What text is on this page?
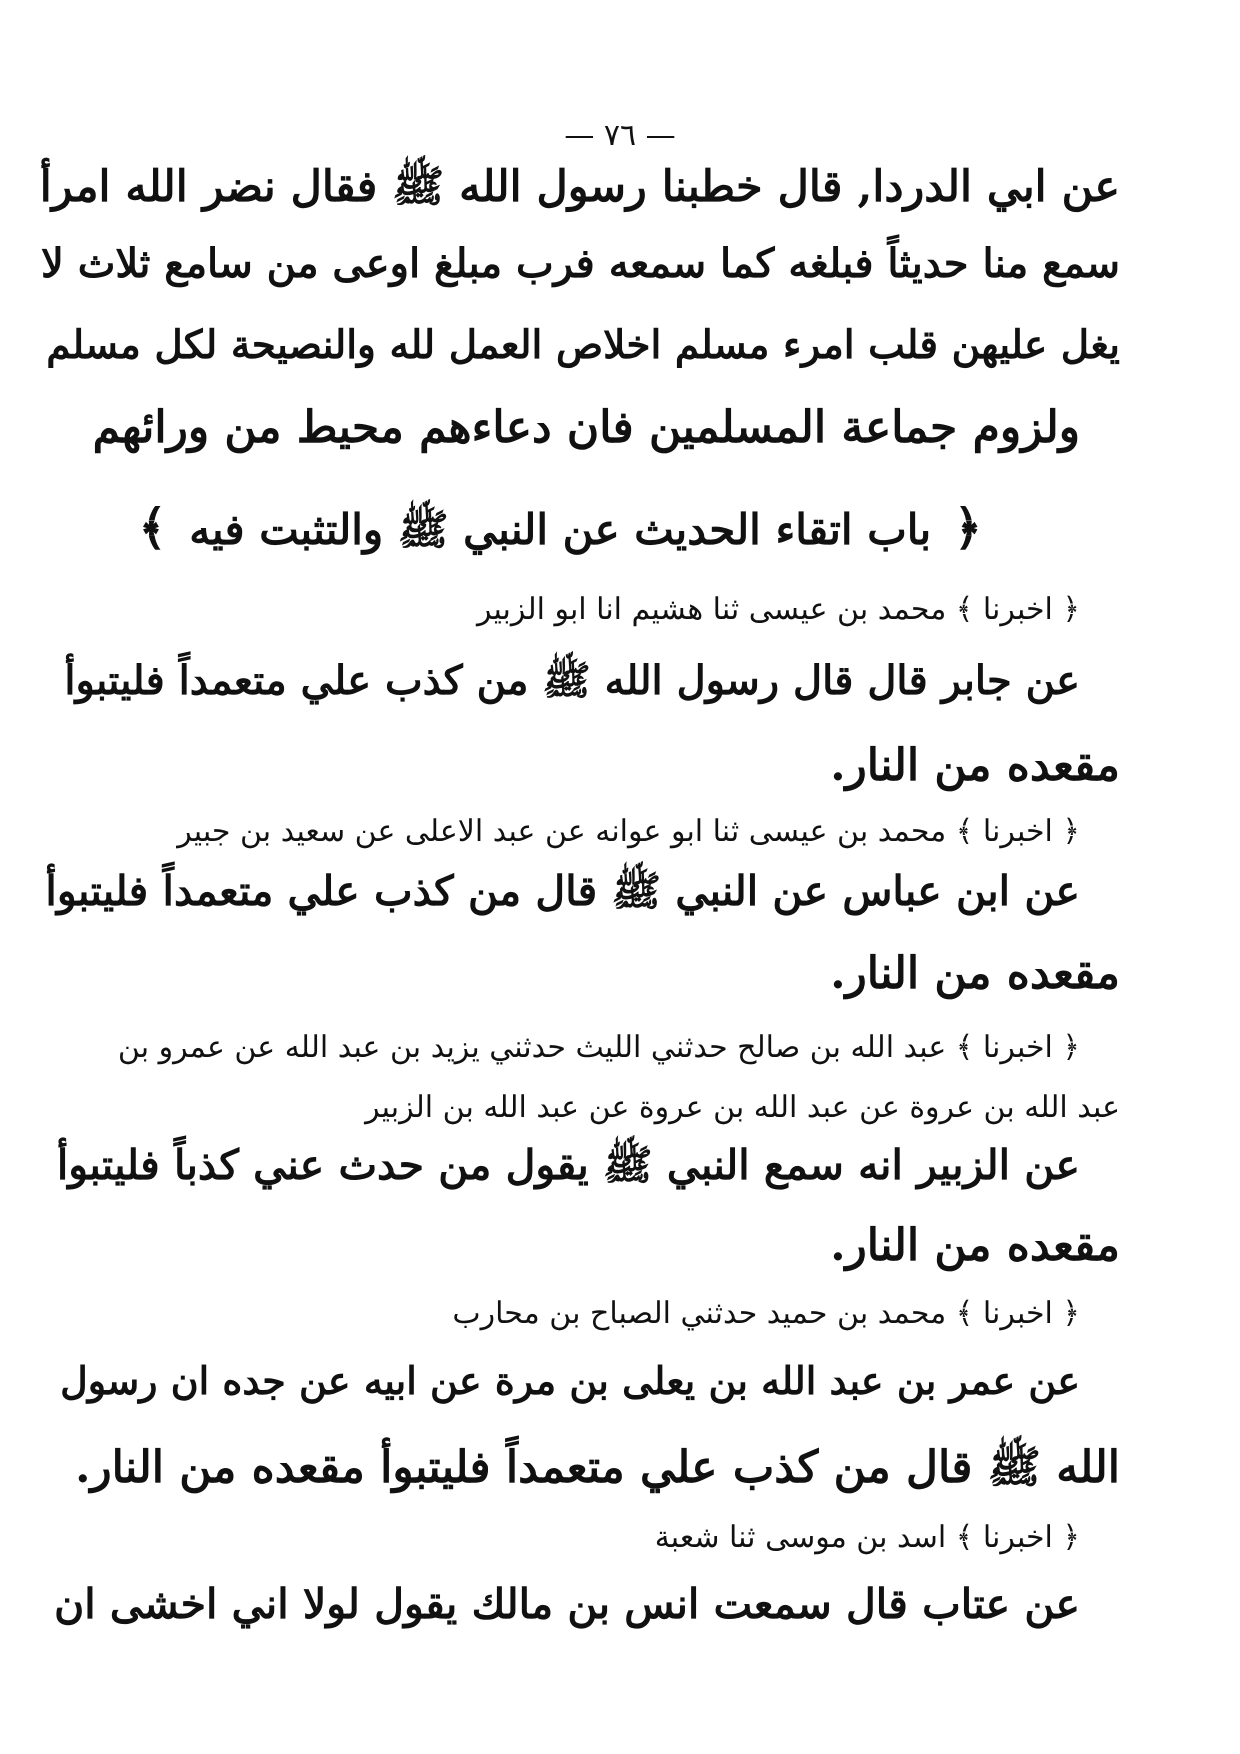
— ٧٦ —
عن ابي الدردا, قال خطبنا رسول الله ﷺ فقال نضر الله امرأ
سمع منا حديثاً فبلغه كما سمعه فرب مبلغ اوعى من سامع ثلاث لا
يغل عليهن قلب امرء مسلم اخلاص العمل لله والنصيحة لكل مسلم
ولزوم جماعة المسلمين فان دعاءهم محيط من ورائهم
﴿ باب اتقاء الحديث عن النبي ﷺ والتثبت فيه ﴾
﴿ اخبرنا ﴾ محمد بن عيسى ثنا هشيم انا ابو الزبير
عن جابر قال قال رسول الله ﷺ من كذب علي متعمداً فليتبوأ
مقعده من النار.
﴿ اخبرنا ﴾ محمد بن عيسى ثنا ابو عوانه عن عبد الاعلى عن سعيد بن جبير
عن ابن عباس عن النبي ﷺ قال من كذب علي متعمداً فليتبوأ
مقعده من النار.
﴿ اخبرنا ﴾ عبد الله بن صالح حدثني الليث حدثني يزيد بن عبد الله عن عمرو بن
عبد الله بن عروة عن عبد الله بن عروة عن عبد الله بن الزبير
عن الزبير انه سمع النبي ﷺ يقول من حدث عني كذباً فليتبوأ
مقعده من النار.
﴿ اخبرنا ﴾ محمد بن حميد حدثني الصباح بن محارب
عن عمر بن عبد الله بن يعلى بن مرة عن ابيه عن جده ان رسول
الله ﷺ قال من كذب علي متعمداً فليتبوأ مقعده من النار.
﴿ اخبرنا ﴾ اسد بن موسى ثنا شعبة
عن عتاب قال سمعت انس بن مالك يقول لولا اني اخشى ان
